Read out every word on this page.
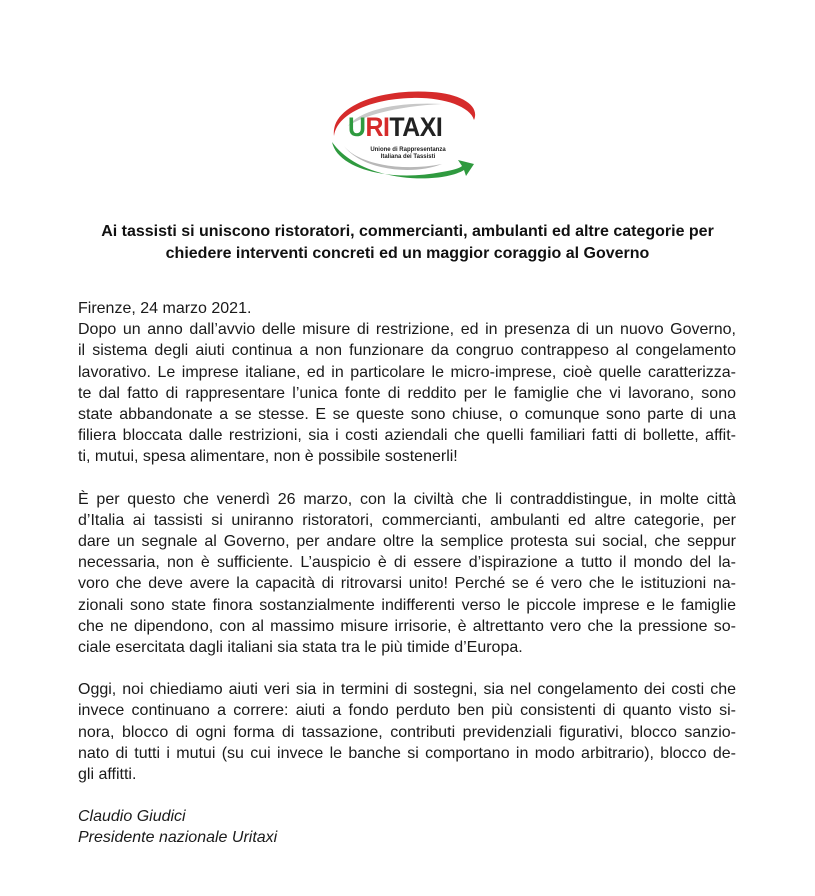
URITAXI
Unione di Rappresentanza
Italiana dei Tassisti
Ai tassisti si uniscono ristoratori, commercianti, ambulanti ed altre categorie per
chiedere interventi concreti ed un maggior coraggio al Governo
Firenze, 24 marzo 2021.
Dopo un anno dall’avvio delle misure di restrizione, ed in presenza di un nuovo Governo,
il sistema degli aiuti continua a non funzionare da congruo contrappeso al congelamento
lavorativo. Le imprese italiane, ed in particolare le micro-imprese, cioè quelle caratterizza-
te dal fatto di rappresentare l’unica fonte di reddito per le famiglie che vi lavorano, sono
state abbandonate a se stesse. E se queste sono chiuse, o comunque sono parte di una
filiera bloccata dalle restrizioni, sia i costi aziendali che quelli familiari fatti di bollette, affit-
ti, mutui, spesa alimentare, non è possibile sostenerli!
È per questo che venerdì 26 marzo, con la civiltà che li contraddistingue, in molte città
d’Italia ai tassisti si uniranno ristoratori, commercianti, ambulanti ed altre categorie, per
dare un segnale al Governo, per andare oltre la semplice protesta sui social, che seppur
necessaria, non è sufficiente. L’auspicio è di essere d’ispirazione a tutto il mondo del la-
voro che deve avere la capacità di ritrovarsi unito! Perché se é vero che le istituzioni na-
zionali sono state finora sostanzialmente indifferenti verso le piccole imprese e le famiglie
che ne dipendono, con al massimo misure irrisorie, è altrettanto vero che la pressione so-
ciale esercitata dagli italiani sia stata tra le più timide d’Europa.
Oggi, noi chiediamo aiuti veri sia in termini di sostegni, sia nel congelamento dei costi che
invece continuano a correre: aiuti a fondo perduto ben più consistenti di quanto visto si-
nora, blocco di ogni forma di tassazione, contributi previdenziali figurativi, blocco sanzio-
nato di tutti i mutui (su cui invece le banche si comportano in modo arbitrario), blocco de-
gli affitti.
Claudio Giudici
Presidente nazionale Uritaxi
